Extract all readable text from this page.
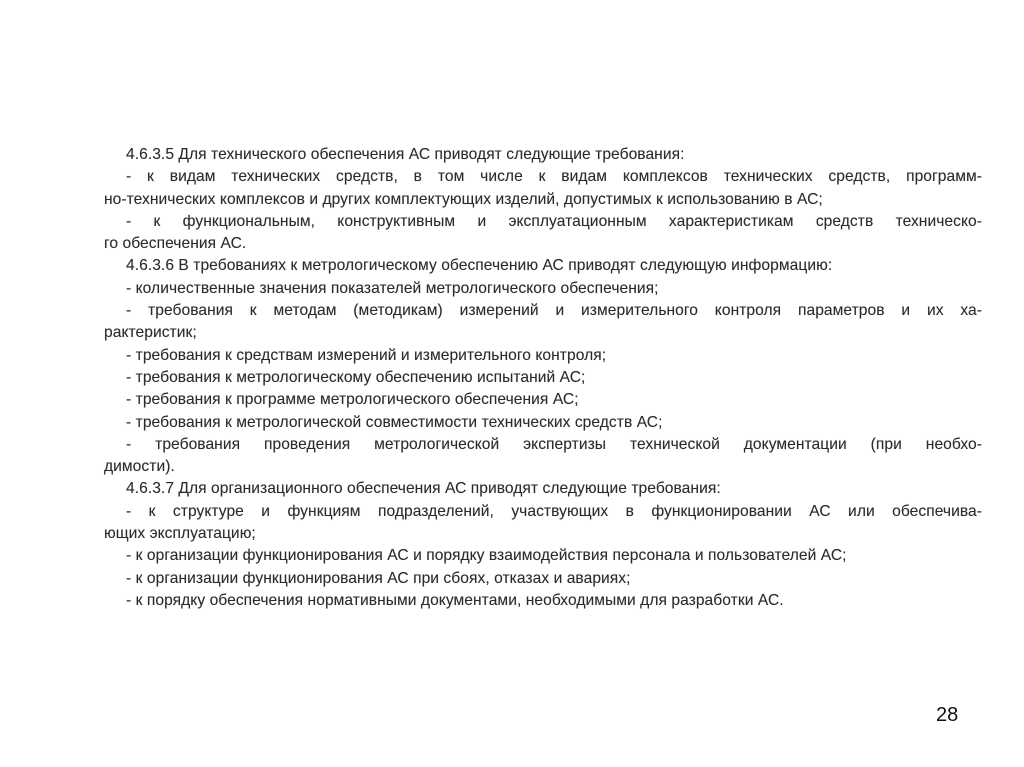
4.6.3.5 Для технического обеспечения АС приводят следующие требования:
- к видам технических средств, в том числе к видам комплексов технических средств, программ-
но-технических комплексов и других комплектующих изделий, допустимых к использованию в АС;
- к функциональным, конструктивным и эксплуатационным характеристикам средств техническо-
го обеспечения АС.
4.6.3.6 В требованиях к метрологическому обеспечению АС приводят следующую информацию:
- количественные значения показателей метрологического обеспечения;
- требования к методам (методикам) измерений и измерительного контроля параметров и их ха-
рактеристик;
- требования к средствам измерений и измерительного контроля;
- требования к метрологическому обеспечению испытаний АС;
- требования к программе метрологического обеспечения АС;
- требования к метрологической совместимости технических средств АС;
- требования проведения метрологической экспертизы технической документации (при необхо-
димости).
4.6.3.7 Для организационного обеспечения АС приводят следующие требования:
- к структуре и функциям подразделений, участвующих в функционировании АС или обеспечива-
ющих эксплуатацию;
- к организации функционирования АС и порядку взаимодействия персонала и пользователей АС;
- к организации функционирования АС при сбоях, отказах и авариях;
- к порядку обеспечения нормативными документами, необходимыми для разработки АС.
28
